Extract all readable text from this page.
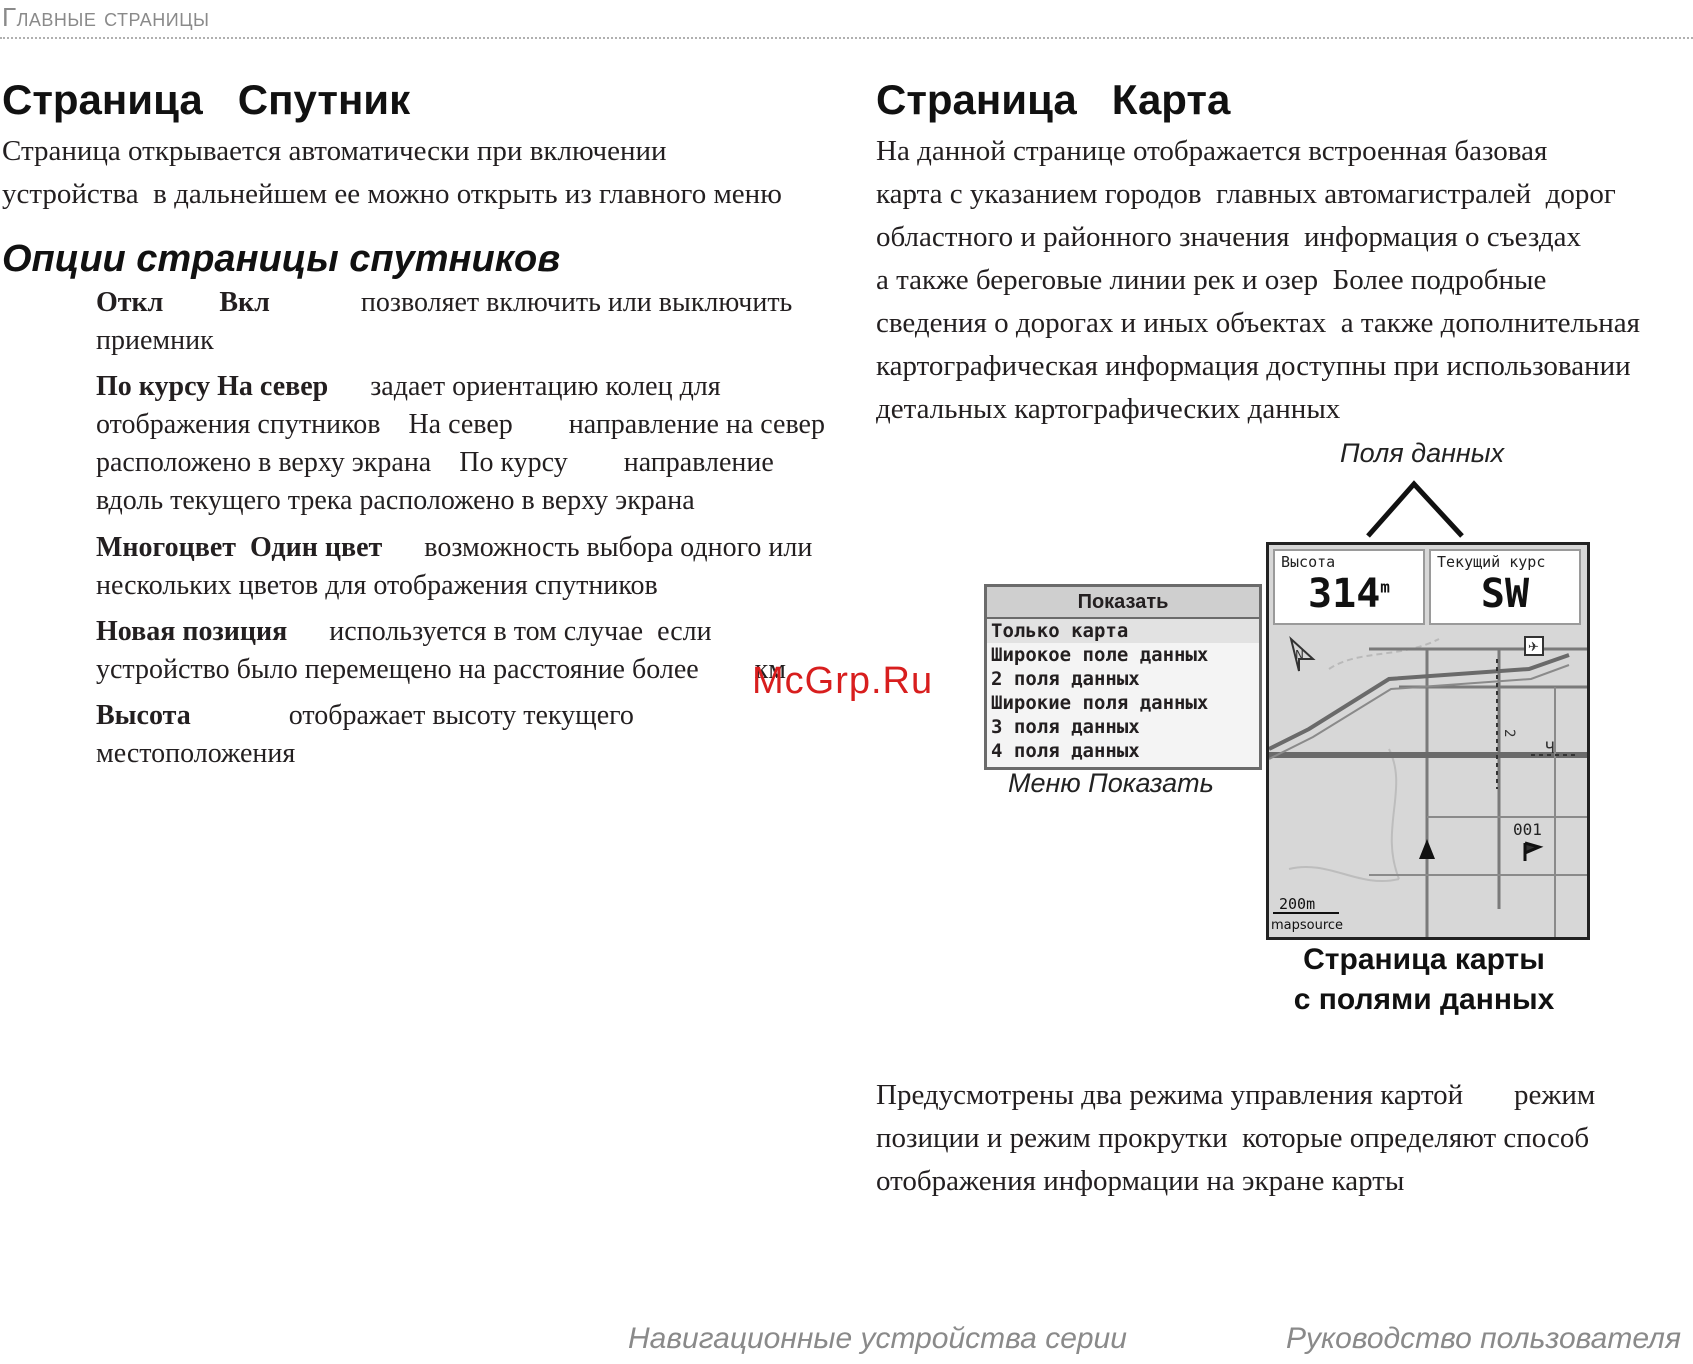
Главные страницы
Страница   Спутник
Страница открывается автоматически при включении
устройства  в дальнейшем ее можно открыть из главного меню
Опции страницы спутников
Откл        Вкл             позволяет включить или выключить
приемник
По курсу На север      задает ориентацию колец для
отображения спутников    На север        направление на север
расположено в верху экрана    По курсу        направление
вдоль текущего трека расположено в верху экрана
Многоцвет  Один цвет      возможность выбора одного или
нескольких цветов для отображения спутников
Новая позиция      используется в том случае  если
устройство было перемещено на расстояние более        км
Высота              отображает высоту текущего
местоположения
McGrp.Ru
Страница   Карта
На данной странице отображается встроенная базовая
карта с указанием городов  главных автомагистралей  дорог
областного и районного значения  информация о съездах
а также береговые линии рек и озер  Более подробные
сведения о дорогах и иных объектах  а также дополнительная
картографическая информация доступны при использовании
детальных картографических данных
Поля данных
Показать
Только карта
Широкое поле данных
2 поля данных
Широкие поля данных
3 поля данных
4 поля данных
Меню Показать
Высота
314$^m$
Текущий курс
SW
N	✈
2
Ч
001
200m
mapsource
Страница карты
с полями данных
Предусмотрены два режима управления картой       режим
позиции и режим прокрутки  которые определяют способ
отображения информации на экране карты
Навигационные устройства серии	Руководство пользователя
